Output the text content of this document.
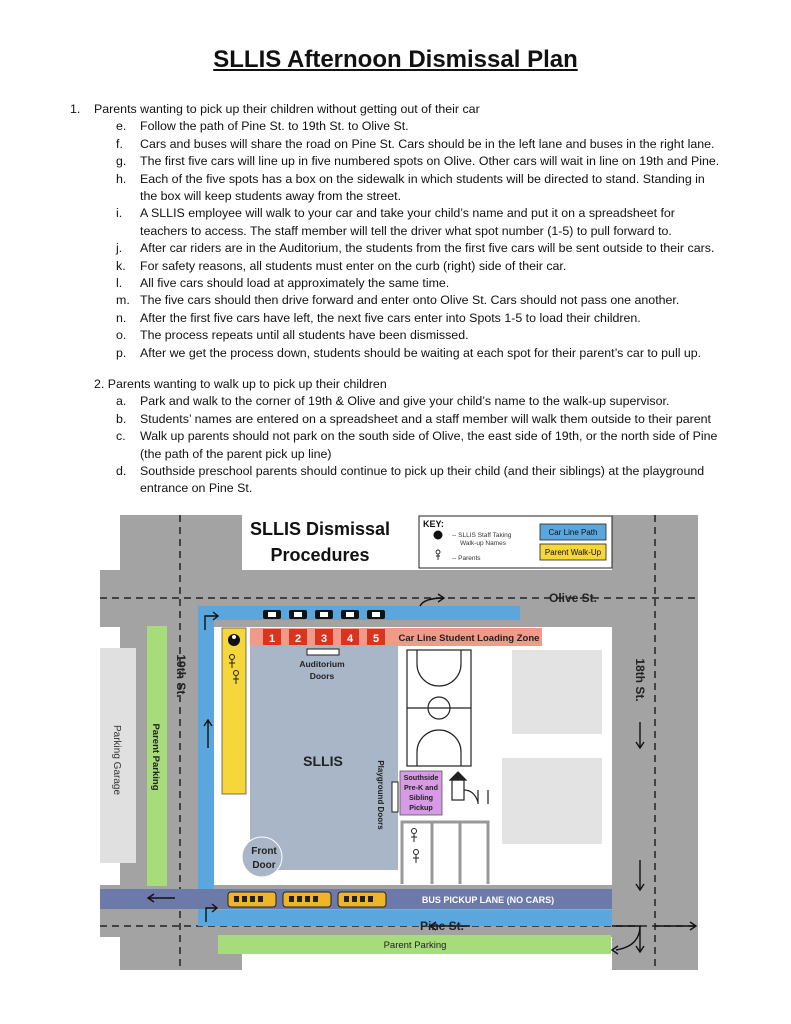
SLLIS Afternoon Dismissal Plan
1. Parents wanting to pick up their children without getting out of their car
e. Follow the path of Pine St. to 19th St. to Olive St.
f. Cars and buses will share the road on Pine St. Cars should be in the left lane and buses in the right lane.
g. The first five cars will line up in five numbered spots on Olive. Other cars will wait in line on 19th and Pine.
h. Each of the five spots has a box on the sidewalk in which students will be directed to stand. Standing in
the box will keep students away from the street.
i. A SLLIS employee will walk to your car and take your child’s name and put it on a spreadsheet for
teachers to access. The staff member will tell the driver what spot number (1-5) to pull forward to.
j. After car riders are in the Auditorium, the students from the first five cars will be sent outside to their cars.
k. For safety reasons, all students must enter on the curb (right) side of their car.
l. All five cars should load at approximately the same time.
m. The five cars should then drive forward and enter onto Olive St. Cars should not pass one another.
n. After the first five cars have left, the next five cars enter into Spots 1-5 to load their children.
o. The process repeats until all students have been dismissed.
p. After we get the process down, students should be waiting at each spot for their parent’s car to pull up.
2. Parents wanting to walk up to pick up their children
a. Park and walk to the corner of 19th & Olive and give your child’s name to the walk-up supervisor.
b. Students’ names are entered on a spreadsheet and a staff member will walk them outside to their parent
c. Walk up parents should not park on the south side of Olive, the east side of 19th, or the north side of Pine
(the path of the parent pick up line)
d. Southside preschool parents should continue to pick up their child (and their siblings) at the playground
entrance on Pine St.
Parking Garage	Parent Parking
BUS PICKUP LANE (NO CARS)
Parent Parking
Car Line Student Loading Zone
1 2 3 4 5
SLLIS
Auditorium
Doors
Playground Doors
Front
Door
Southside
Pre-K and
Sibling
Pickup
Olive St.
19th St.	18th St.
Pine St.
SLLIS Dismissal
Procedures
KEY:
-- SLLIS Staff Taking
Walk-up Names
-- Parents
Car Line Path
Parent Walk-Up
